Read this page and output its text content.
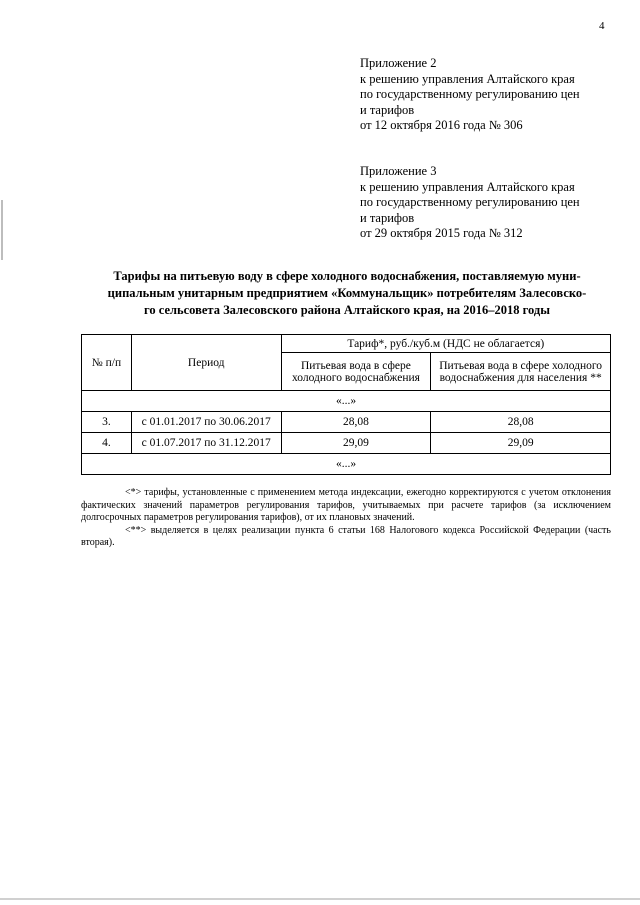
4
Приложение 2
к решению управления Алтайского края
по государственному регулированию цен
и тарифов
от 12 октября 2016 года № 306
Приложение 3
к решению управления Алтайского края
по государственному регулированию цен
и тарифов
от 29 октября 2015 года № 312
Тарифы на питьевую воду в сфере холодного водоснабжения, поставляемую муни-
ципальным унитарным предприятием «Коммунальщик» потребителям Залесовско-
го сельсовета Залесовского района Алтайского края, на 2016–2018 годы
№ п/п	Период	Тариф*, руб./куб.м (НДС не облагается)	
		Питьевая вода в сфере холодного водоснабжения	Питьевая вода в сфере холодного водоснабжения для населения **
«...»			
3.	с 01.01.2017 по 30.06.2017	28,08	28,08
4.	с 01.07.2017 по 31.12.2017	29,09	29,09
«...»			

<*> тарифы, установленные с применением метода индексации, ежегодно корректируются с учетом отклонения фактических значений параметров регулирования тарифов, учитываемых при расчете тарифов (за исключением долгосрочных параметров регулирования тарифов), от их плановых значений.

<**> выделяется в целях реализации пункта 6 статьи 168 Налогового кодекса Российской Федерации (часть вторая).
